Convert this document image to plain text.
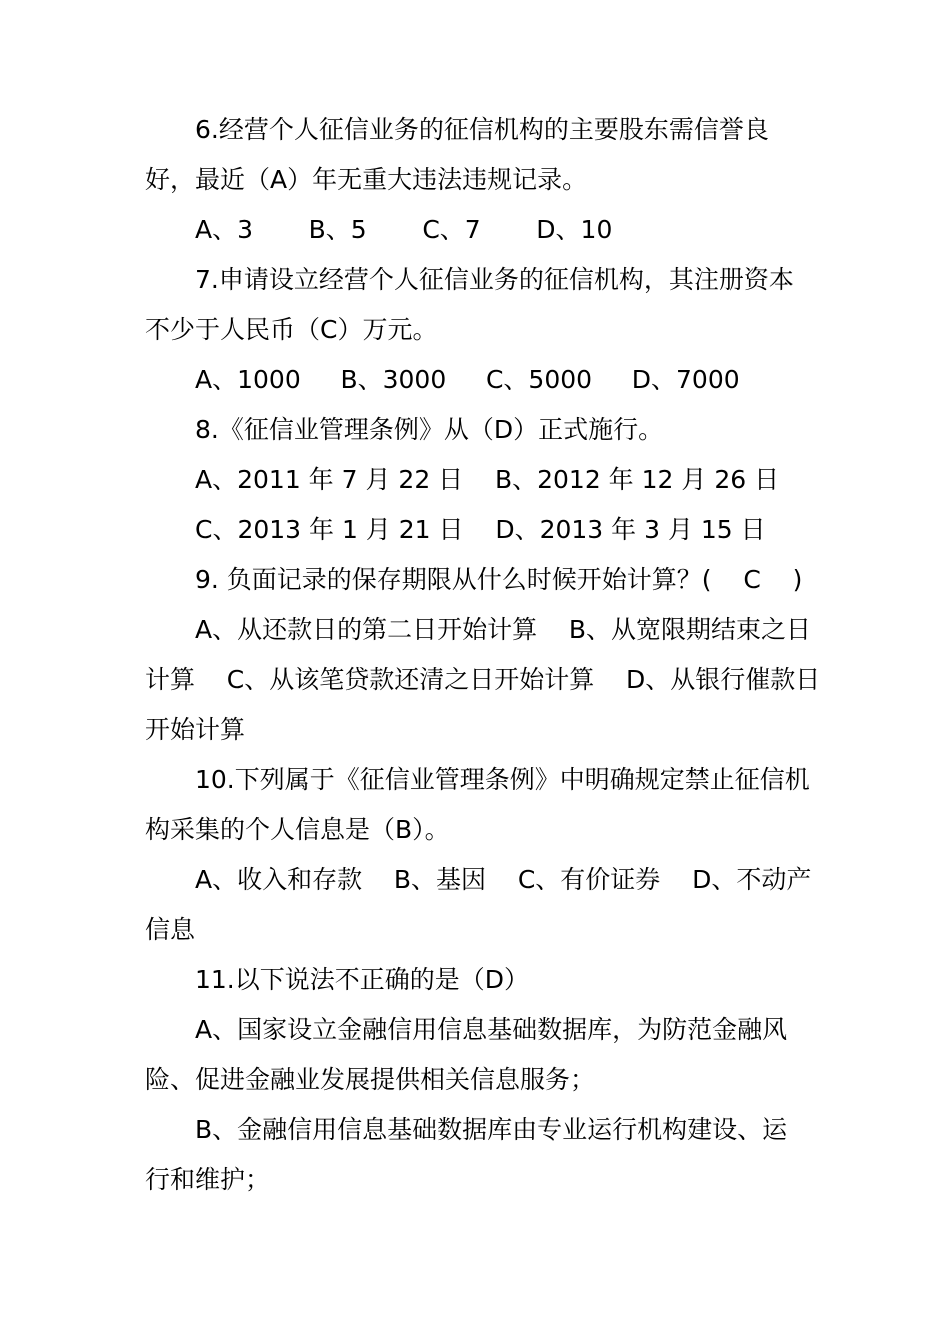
6.经营个人征信业务的征信机构的主要股东需信誉良
好，最近（A）年无重大违法违规记录。
A、3       B、5       C、7       D、10
7.申请设立经营个人征信业务的征信机构，其注册资本
不少于人民币（C）万元。
A、1000     B、3000     C、5000     D、7000
8.《征信业管理条例》从（D）正式施行。
A、2011 年 7 月 22 日    B、2012 年 12 月 26 日
C、2013 年 1 月 21 日    D、2013 年 3 月 15 日
9. 负面记录的保存期限从什么时候开始计算？(    C    )
A、从还款日的第二日开始计算    B、从宽限期结束之日
计算    C、从该笔贷款还清之日开始计算    D、从银行催款日
开始计算
10.下列属于《征信业管理条例》中明确规定禁止征信机
构采集的个人信息是（B）。
A、收入和存款    B、基因    C、有价证券    D、不动产
信息
11.以下说法不正确的是（D）
A、国家设立金融信用信息基础数据库，为防范金融风
险、促进金融业发展提供相关信息服务；
B、金融信用信息基础数据库由专业运行机构建设、运
行和维护；
